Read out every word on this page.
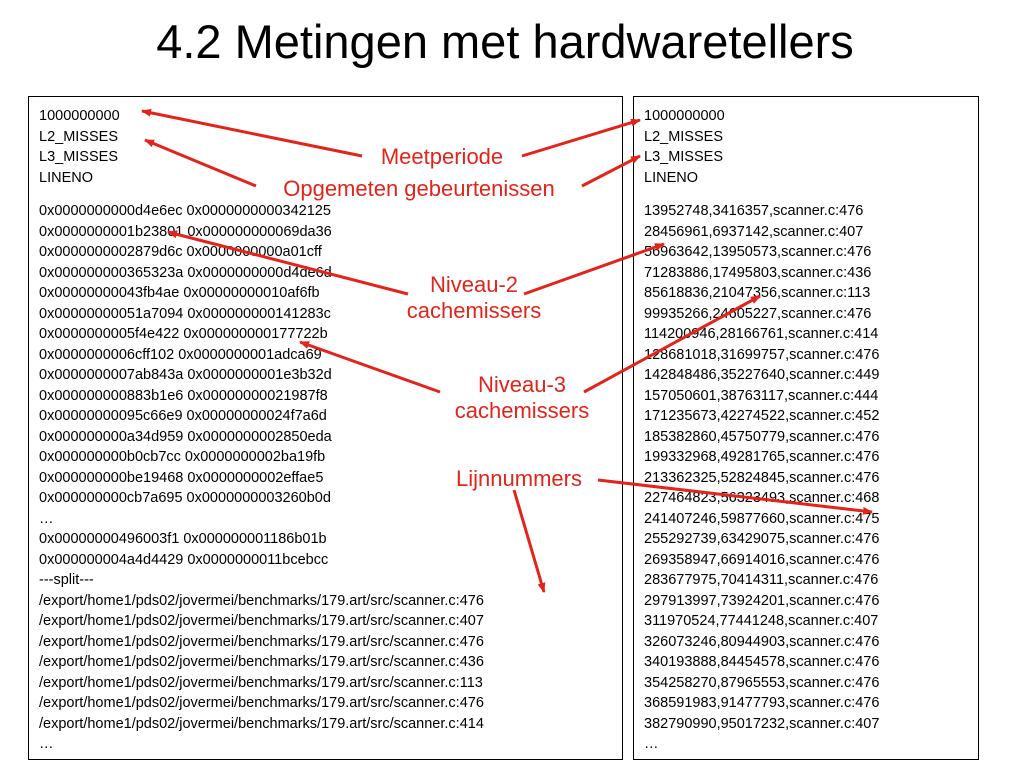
4.2 Metingen met hardwaretellers
1000000000
L2_MISSES
L3_MISSES
LINENO
0x0000000000d4e6ec 0x0000000000342125
0x0000000001b23801 0x000000000069da36
0x0000000002879d6c 0x0000000000a01cff
0x000000000365323a 0x0000000000d4de6d
0x00000000043fb4ae 0x00000000010af6fb
0x00000000051a7094 0x000000000141283c
0x0000000005f4e422 0x000000000177722b
0x0000000006cff102 0x0000000001adca69
0x0000000007ab843a 0x0000000001e3b32d
0x000000000883b1e6 0x00000000021987f8
0x00000000095c66e9 0x00000000024f7a6d
0x000000000a34d959 0x0000000002850eda
0x000000000b0cb7cc 0x0000000002ba19fb
0x000000000be19468 0x0000000002effae5
0x000000000cb7a695 0x0000000003260b0d
…
0x00000000496003f1 0x000000001186b01b
0x000000004a4d4429 0x0000000011bcebcc
---split---
/export/home1/pds02/jovermei/benchmarks/179.art/src/scanner.c:476
/export/home1/pds02/jovermei/benchmarks/179.art/src/scanner.c:407
/export/home1/pds02/jovermei/benchmarks/179.art/src/scanner.c:476
/export/home1/pds02/jovermei/benchmarks/179.art/src/scanner.c:436
/export/home1/pds02/jovermei/benchmarks/179.art/src/scanner.c:113
/export/home1/pds02/jovermei/benchmarks/179.art/src/scanner.c:476
/export/home1/pds02/jovermei/benchmarks/179.art/src/scanner.c:414
…
1000000000
L2_MISSES
L3_MISSES
LINENO
13952748,3416357,scanner.c:476
28456961,6937142,scanner.c:407
56963642,13950573,scanner.c:476
71283886,17495803,scanner.c:436
85618836,21047356,scanner.c:113
99935266,24605227,scanner.c:476
114200946,28166761,scanner.c:414
128681018,31699757,scanner.c:476
142848486,35227640,scanner.c:449
157050601,38763117,scanner.c:444
171235673,42274522,scanner.c:452
185382860,45750779,scanner.c:476
199332968,49281765,scanner.c:476
213362325,52824845,scanner.c:476
227464823,56323493,scanner.c:468
241407246,59877660,scanner.c:475
255292739,63429075,scanner.c:476
269358947,66914016,scanner.c:476
283677975,70414311,scanner.c:476
297913997,73924201,scanner.c:476
311970524,77441248,scanner.c:407
326073246,80944903,scanner.c:476
340193888,84454578,scanner.c:476
354258270,87965553,scanner.c:476
368591983,91477793,scanner.c:476
382790990,95017232,scanner.c:407
…
Meetperiode
Opgemeten gebeurtenissen
Niveau-2
cachemissers
Niveau-3
cachemissers
Lijnnummers
